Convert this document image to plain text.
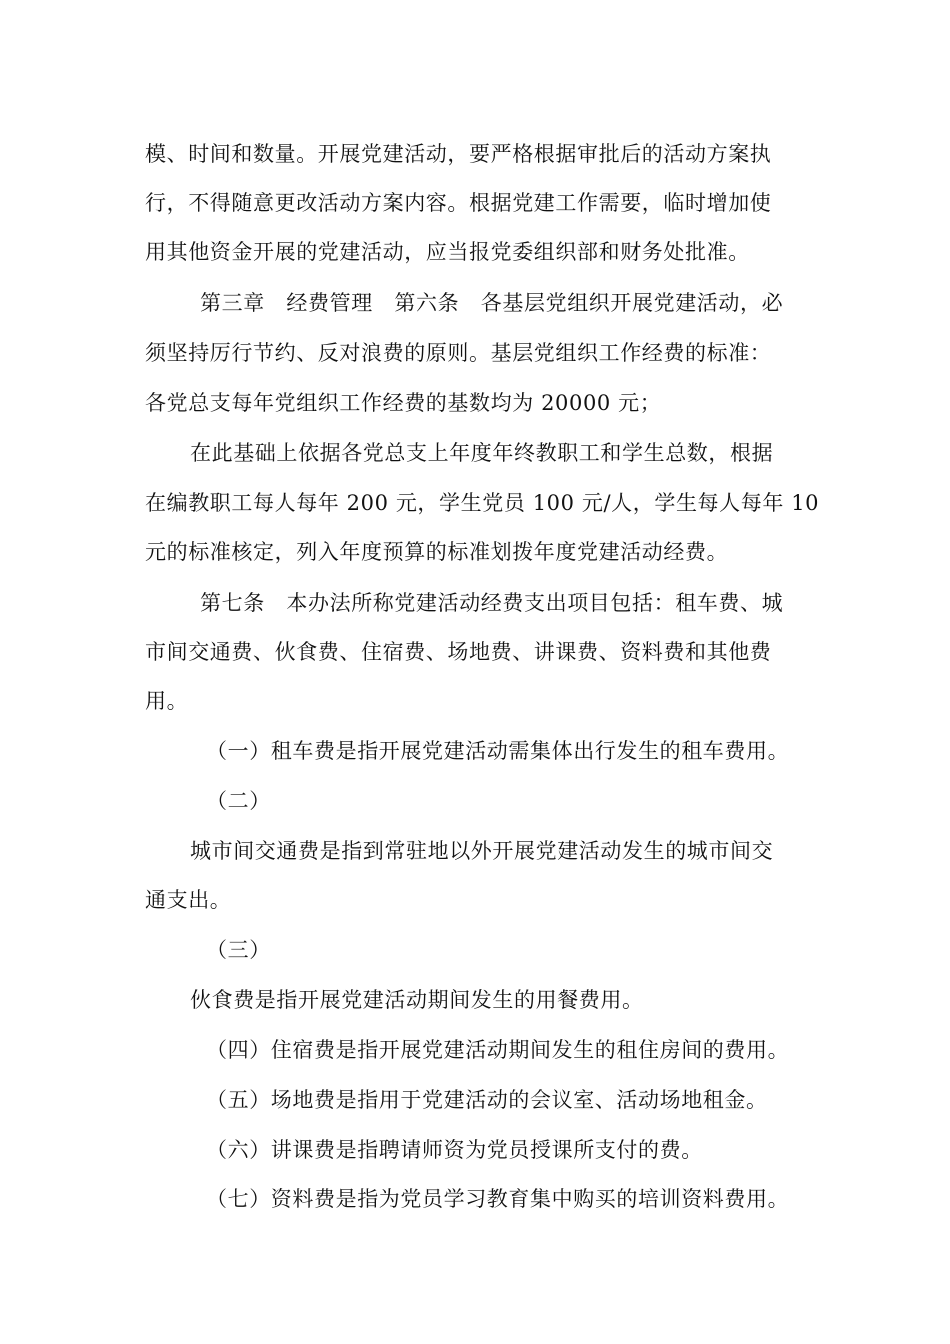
模、时间和数量。开展党建活动，要严格根据审批后的活动方案执
行，不得随意更改活动方案内容。根据党建工作需要，临时增加使
用其他资金开展的党建活动，应当报党委组织部和财务处批准。
第三章　经费管理　第六条　各基层党组织开展党建活动，必
须坚持厉行节约、反对浪费的原则。基层党组织工作经费的标准：
各党总支每年党组织工作经费的基数均为 20000 元；
在此基础上依据各党总支上年度年终教职工和学生总数，根据
在编教职工每人每年 200 元，学生党员 100 元/人，学生每人每年 10
元的标准核定，列入年度预算的标准划拨年度党建活动经费。
第七条　本办法所称党建活动经费支出项目包括：租车费、城
市间交通费、伙食费、住宿费、场地费、讲课费、资料费和其他费
用。
（一）租车费是指开展党建活动需集体出行发生的租车费用。
（二）
城市间交通费是指到常驻地以外开展党建活动发生的城市间交
通支出。
（三）
伙食费是指开展党建活动期间发生的用餐费用。
（四）住宿费是指开展党建活动期间发生的租住房间的费用。
（五）场地费是指用于党建活动的会议室、活动场地租金。
（六）讲课费是指聘请师资为党员授课所支付的费。
（七）资料费是指为党员学习教育集中购买的培训资料费用。
